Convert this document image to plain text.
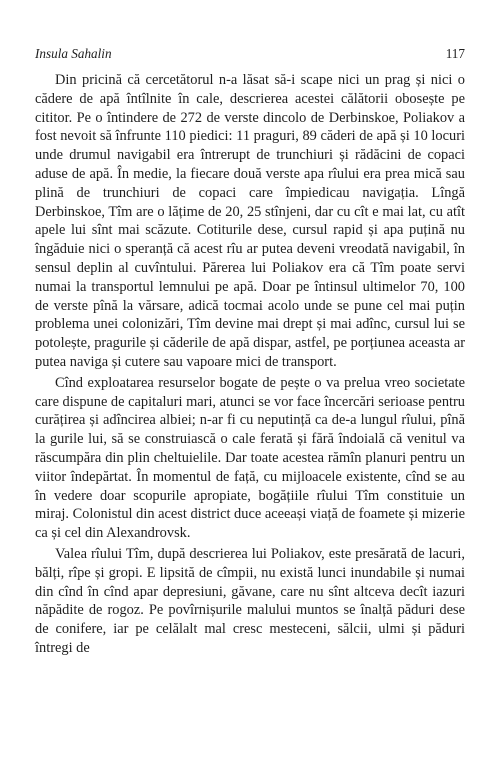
Insula Sahalin	117

Din pricină că cercetătorul n-a lăsat să-i scape nici un prag și nici o cădere de apă întîlnite în cale, descrierea acestei călătorii obosește pe cititor. Pe o întindere de 272 de verste dincolo de Derbinskoe, Poliakov a fost nevoit să înfrunte 110 piedici: 11 praguri, 89 căderi de apă și 10 locuri unde drumul navigabil era întrerupt de trunchiuri și rădăcini de copaci aduse de apă. În medie, la fiecare două verste apa rîului era prea mică sau plină de trunchiuri de copaci care împiedicau navigația. Lîngă Derbinskoe, Tîm are o lățime de 20, 25 stînjeni, dar cu cît e mai lat, cu atît apele lui sînt mai scăzute. Cotiturile dese, cursul rapid și apa puțină nu îngăduie nici o speranță că acest rîu ar putea deveni vreodată navigabil, în sensul deplin al cuvîntului. Părerea lui Poliakov era că Tîm poate servi numai la transportul lemnului pe apă. Doar pe întinsul ultimelor 70, 100 de verste pînă la vărsare, adică tocmai acolo unde se pune cel mai puțin problema unei colonizări, Tîm devine mai drept și mai adînc, cursul lui se potolește, pragurile și căderile de apă dispar, astfel, pe porțiunea aceasta ar putea naviga și cutere sau vapoare mici de transport.

Cînd exploatarea resurselor bogate de pește o va prelua vreo societate care dispune de capitaluri mari, atunci se vor face încercări serioase pentru curățirea și adîncirea albiei; n-ar fi cu neputință ca de-a lungul rîului, pînă la gurile lui, să se construiască o cale ferată și fără îndoială că venitul va răscumpăra din plin cheltuielile. Dar toate acestea rămîn planuri pentru un viitor îndepărtat. În momentul de față, cu mijloacele existente, cînd se au în vedere doar scopurile apropiate, bogățiile rîului Tîm constituie un miraj. Colonistul din acest district duce aceeași viață de foamete și mizerie ca și cel din Alexandrovsk.

Valea rîului Tîm, după descrierea lui Poliakov, este presărată de lacuri, bălți, rîpe și gropi. E lipsită de cîmpii, nu există lunci inundabile și numai din cînd în cînd apar depresiuni, găvane, care nu sînt altceva decît iazuri năpădite de rogoz. Pe povîrnișurile malului muntos se înalță păduri dese de conifere, iar pe celălalt mal cresc mesteceni, sălcii, ulmi și păduri întregi de
